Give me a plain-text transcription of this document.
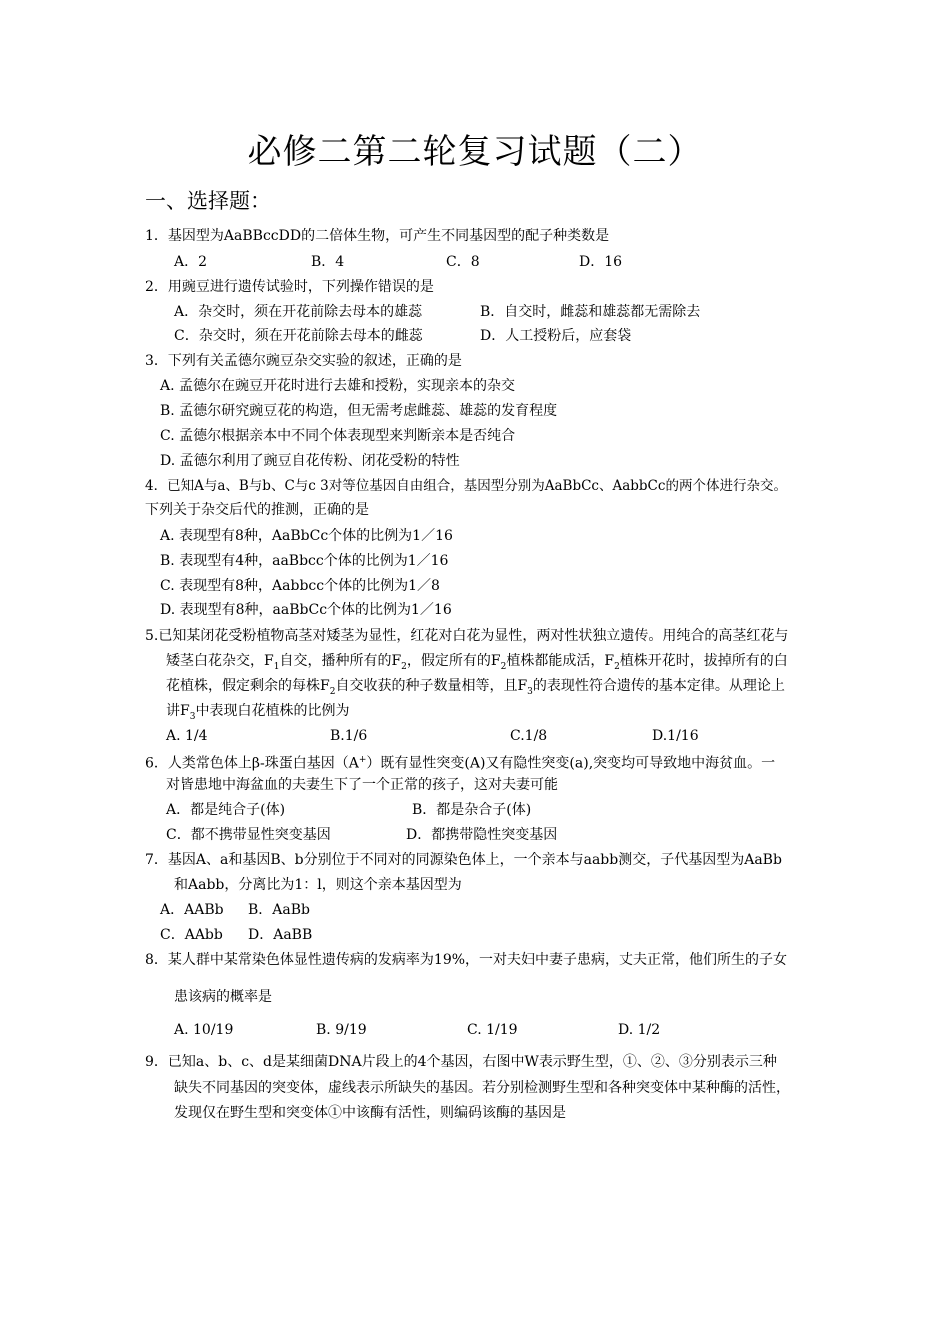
必修二第二轮复习试题（二）
一、选择题：
1．基因型为AaBBccDD的二倍体生物，可产生不同基因型的配子种类数是
A．2	B．4	C．8	D．16
2．用豌豆进行遗传试验时，下列操作错误的是
A．杂交时，须在开花前除去母本的雄蕊	B．自交时，雌蕊和雄蕊都无需除去
C．杂交时，须在开花前除去母本的雌蕊	D．人工授粉后，应套袋
3．下列有关孟德尔豌豆杂交实验的叙述，正确的是
A. 孟德尔在豌豆开花时进行去雄和授粉，实现亲本的杂交
B. 孟德尔研究豌豆花的构造，但无需考虑雌蕊、雄蕊的发育程度
C. 孟德尔根据亲本中不同个体表现型来判断亲本是否纯合
D. 孟德尔利用了豌豆自花传粉、闭花受粉的特性
4．已知A与a、B与b、C与c 3对等位基因自由组合，基因型分别为AaBbCc、AabbCc的两个体进行杂交。
下列关于杂交后代的推测，正确的是
A. 表现型有8种，AaBbCc个体的比例为1／16
B. 表现型有4种，aaBbcc个体的比例为1／16
C. 表现型有8种，Aabbcc个体的比例为1／8
D. 表现型有8种，aaBbCc个体的比例为1／16
5.已知某闭花受粉植物高茎对矮茎为显性，红花对白花为显性，两对性状独立遗传。用纯合的高茎红花与
矮茎白花杂交，$F_1$自交，播种所有的$F_2$，假定所有的$F_2$植株都能成活，$F_2$植株开花时，拔掉所有的白
花植株，假定剩余的每株$F_2$自交收获的种子数量相等，且$F_3$的表现性符合遗传的基本定律。从理论上
讲$F_3$中表现白花植株的比例为
A. 1/4	B.1/6	C.1/8	D.1/16
6．人类常色体上β-珠蛋白基因（A+）既有显性突变(A)又有隐性突变(a),突变均可导致地中海贫血。一
对皆患地中海盆血的夫妻生下了一个正常的孩子，这对夫妻可能
A．都是纯合子(体)	B．都是杂合子(体)
C．都不携带显性突变基因	D．都携带隐性突变基因
7．基因A、a和基因B、b分别位于不同对的同源染色体上，一个亲本与aabb测交，子代基因型为AaBb
和Aabb，分离比为1：l，则这个亲本基因型为
A．AABb B．AaBb
C．AAbb D．AaBB
8．某人群中某常染色体显性遗传病的发病率为19%，一对夫妇中妻子患病，丈夫正常，他们所生的子女
患该病的概率是
A. 10/19	B. 9/19	C. 1/19	D. 1/2
9．已知a、b、c、d是某细菌DNA片段上的4个基因，右图中W表示野生型，①、②、③分别表示三种
缺失不同基因的突变体，虚线表示所缺失的基因。若分别检测野生型和各种突变体中某种酶的活性，
发现仅在野生型和突变体①中该酶有活性，则编码该酶的基因是
